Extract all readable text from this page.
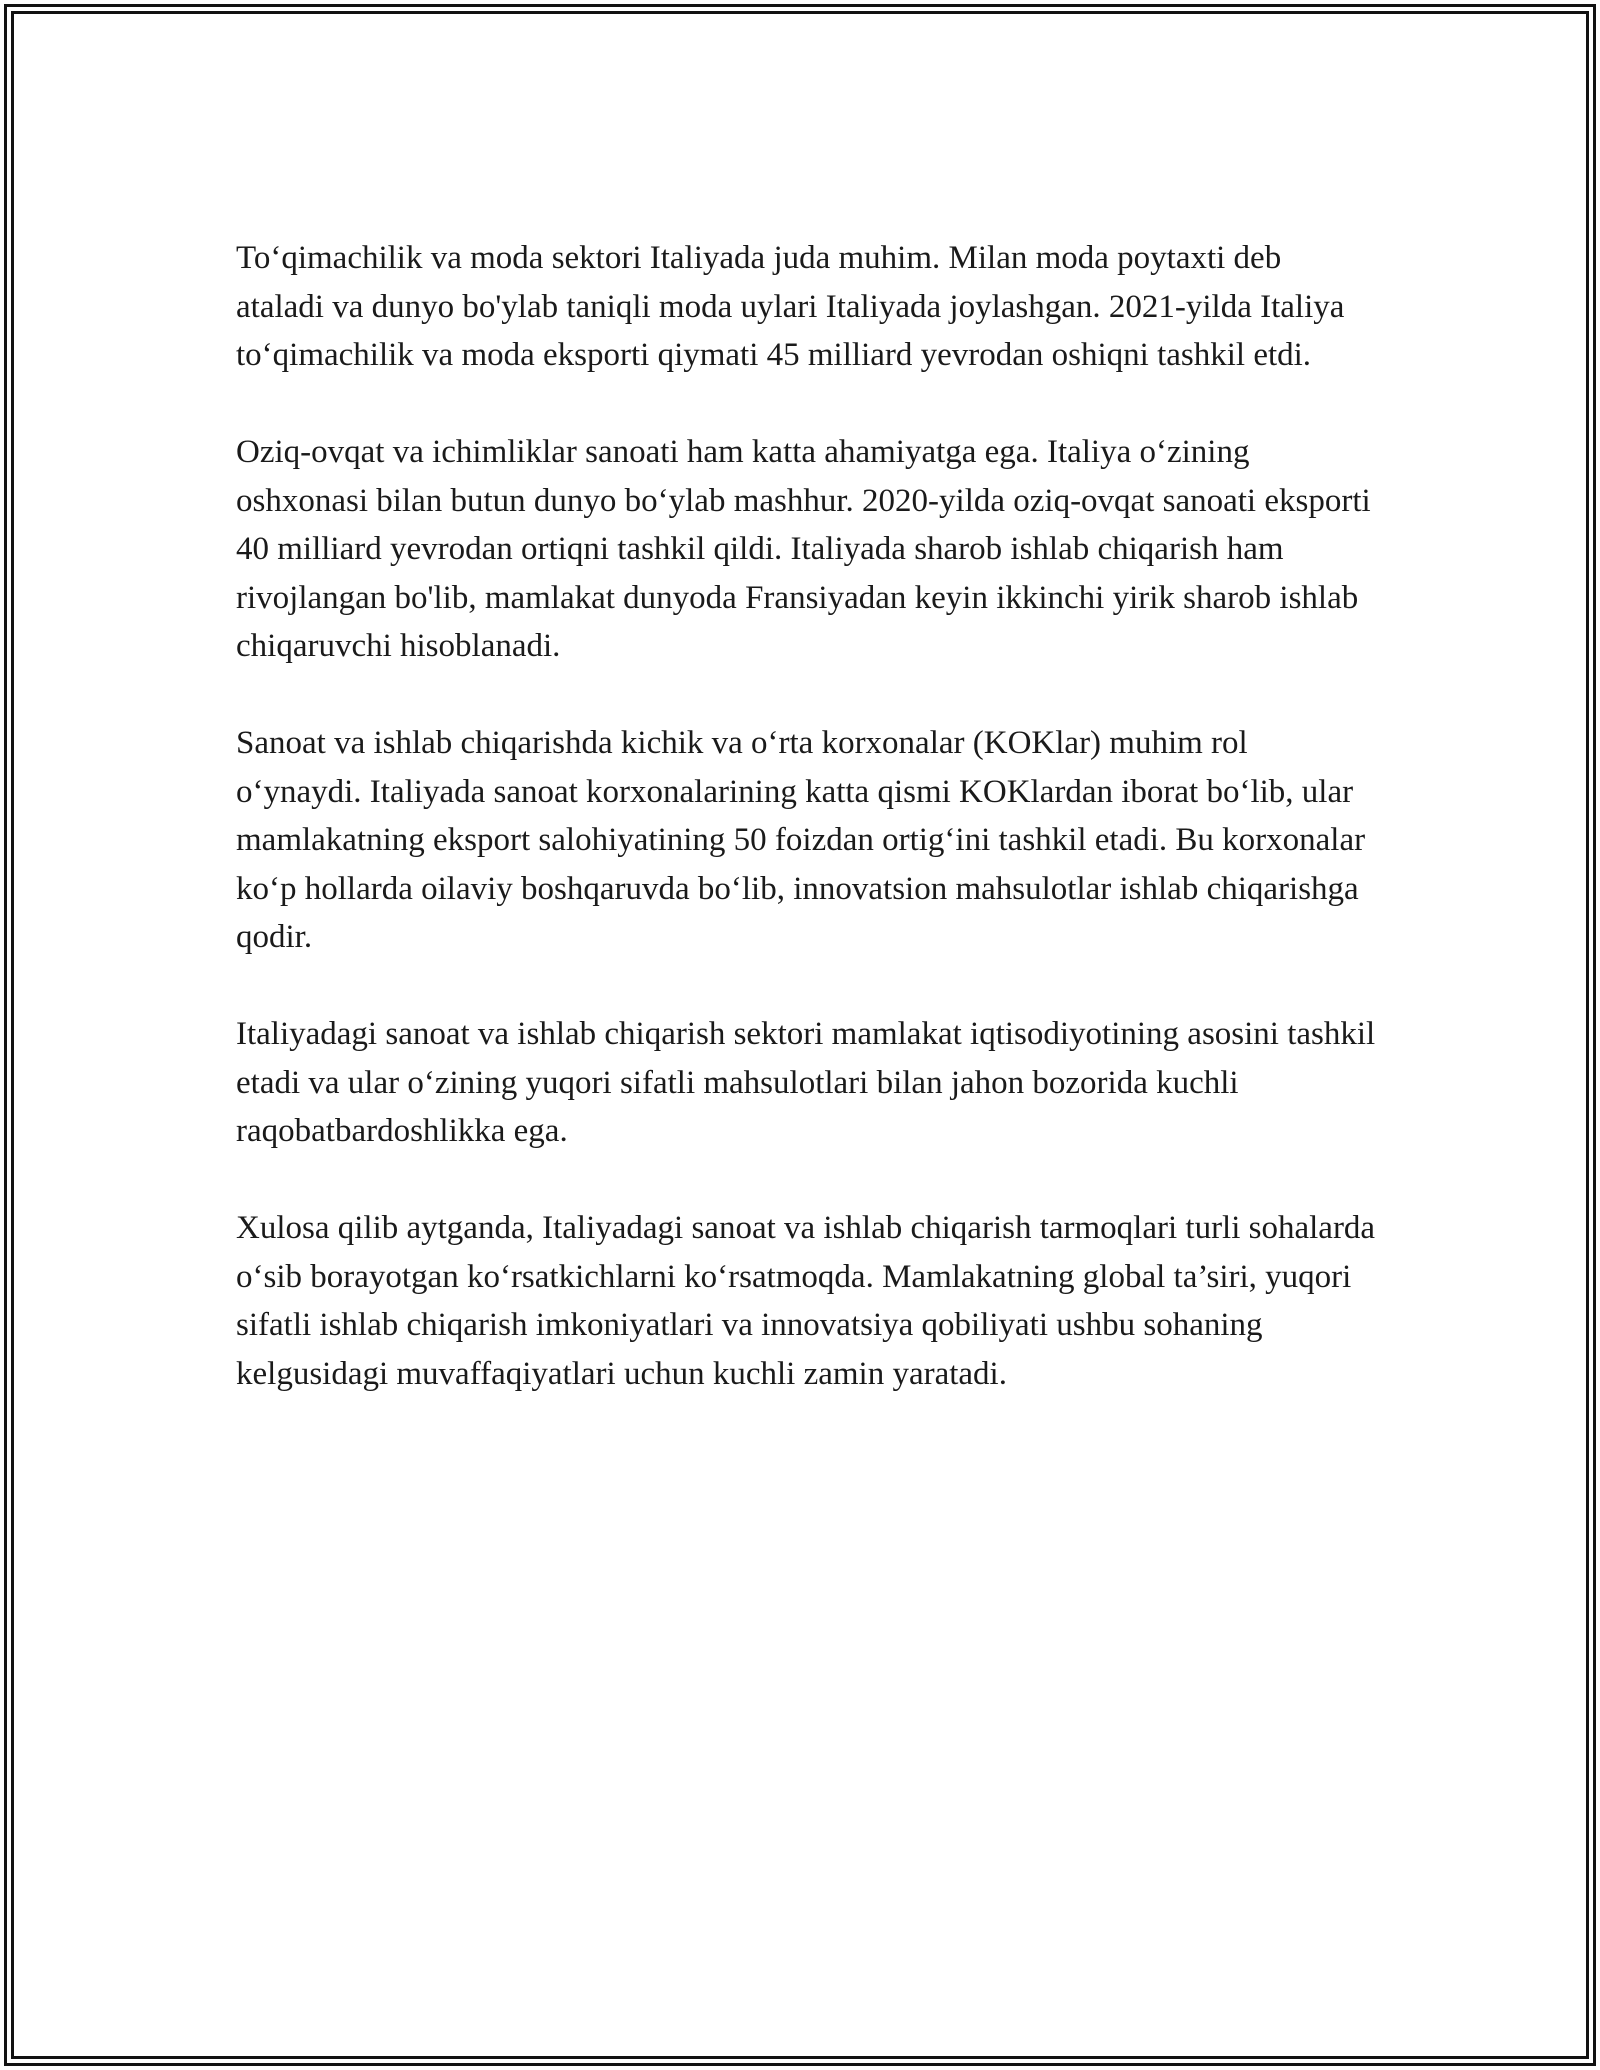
To‘qimachilik va moda sektori Italiyada juda muhim. Milan moda poytaxti deb ataladi va dunyo bo'ylab taniqli moda uylari Italiyada joylashgan. 2021-yilda Italiya to‘qimachilik va moda eksporti qiymati 45 milliard yevrodan oshiqni tashkil etdi.

Oziq-ovqat va ichimliklar sanoati ham katta ahamiyatga ega. Italiya o‘zining oshxonasi bilan butun dunyo bo‘ylab mashhur. 2020-yilda oziq-ovqat sanoati eksporti 40 milliard yevrodan ortiqni tashkil qildi. Italiyada sharob ishlab chiqarish ham rivojlangan bo'lib, mamlakat dunyoda Fransiyadan keyin ikkinchi yirik sharob ishlab chiqaruvchi hisoblanadi.

Sanoat va ishlab chiqarishda kichik va o‘rta korxonalar (KOKlar) muhim rol o‘ynaydi. Italiyada sanoat korxonalarining katta qismi KOKlardan iborat bo‘lib, ular mamlakatning eksport salohiyatining 50 foizdan ortig‘ini tashkil etadi. Bu korxonalar ko‘p hollarda oilaviy boshqaruvda bo‘lib, innovatsion mahsulotlar ishlab chiqarishga qodir.

Italiyadagi sanoat va ishlab chiqarish sektori mamlakat iqtisodiyotining asosini tashkil etadi va ular o‘zining yuqori sifatli mahsulotlari bilan jahon bozorida kuchli raqobatbardoshlikka ega.

Xulosa qilib aytganda, Italiyadagi sanoat va ishlab chiqarish tarmoqlari turli sohalarda o‘sib borayotgan ko‘rsatkichlarni ko‘rsatmoqda. Mamlakatning global ta’siri, yuqori sifatli ishlab chiqarish imkoniyatlari va innovatsiya qobiliyati ushbu sohaning kelgusidagi muvaffaqiyatlari uchun kuchli zamin yaratadi.
